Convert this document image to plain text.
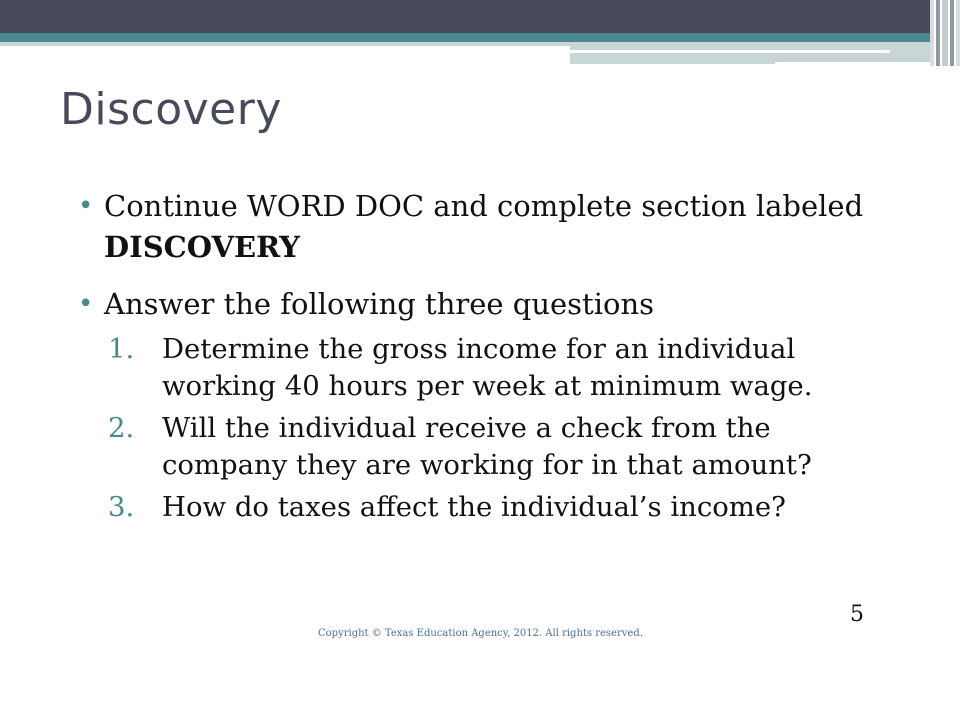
Discovery
• Continue WORD DOC and complete section labeled DISCOVERY
• Answer the following three questions
1. Determine the gross income for an individual working 40 hours per week at minimum wage.
2. Will the individual receive a check from the company they are working for in that amount?
3. How do taxes affect the individual’s income?
5
Copyright © Texas Education Agency, 2012. All rights reserved.
